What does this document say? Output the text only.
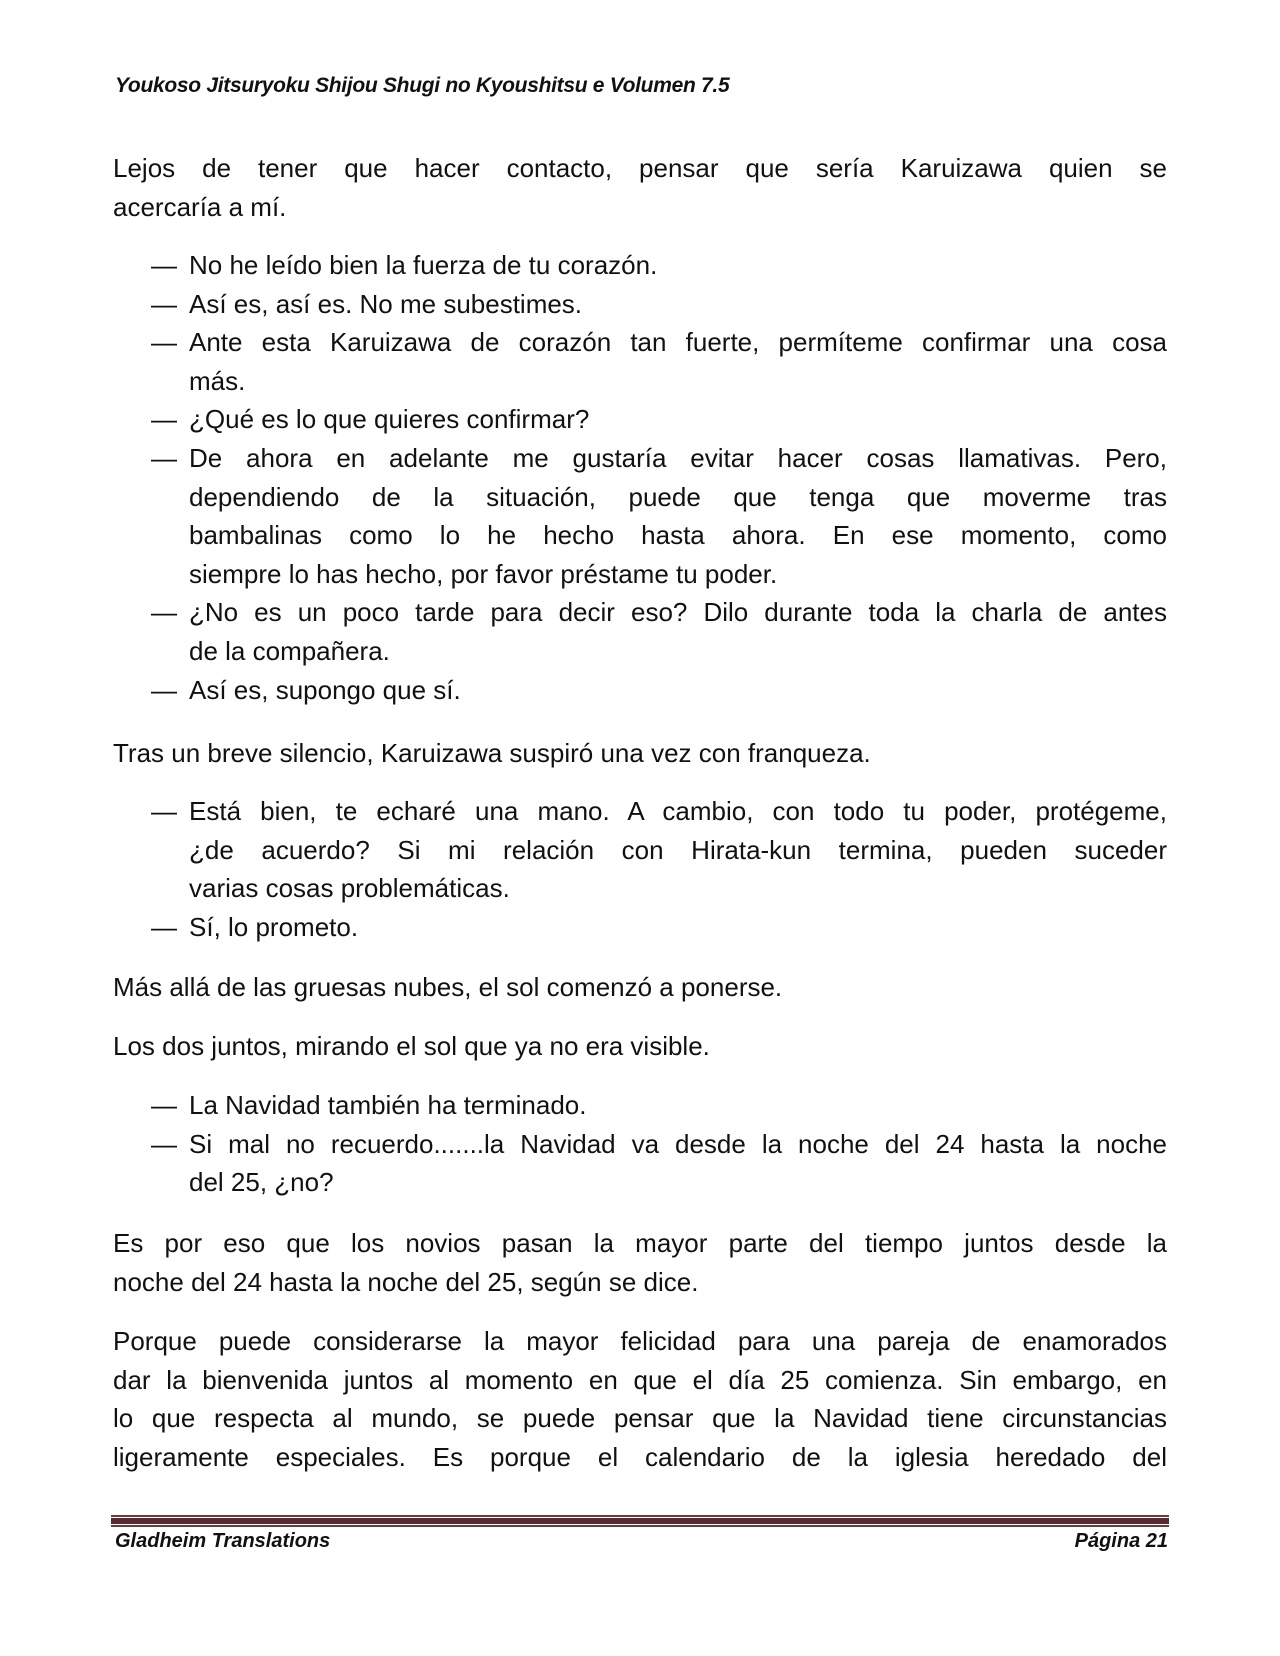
Youkoso Jitsuryoku Shijou Shugi no Kyoushitsu e Volumen 7.5
Lejos de tener que hacer contacto, pensar que sería Karuizawa quien se
acercaría a mí.
— No he leído bien la fuerza de tu corazón.
— Así es, así es. No me subestimes.
— Ante esta Karuizawa de corazón tan fuerte, permíteme confirmar una cosa
más.
— ¿Qué es lo que quieres confirmar?
— De ahora en adelante me gustaría evitar hacer cosas llamativas. Pero,
dependiendo de la situación, puede que tenga que moverme tras
bambalinas como lo he hecho hasta ahora. En ese momento, como
siempre lo has hecho, por favor préstame tu poder.
— ¿No es un poco tarde para decir eso? Dilo durante toda la charla de antes
de la compañera.
— Así es, supongo que sí.
Tras un breve silencio, Karuizawa suspiró una vez con franqueza.
— Está bien, te echaré una mano. A cambio, con todo tu poder, protégeme,
¿de acuerdo? Si mi relación con Hirata-kun termina, pueden suceder
varias cosas problemáticas.
— Sí, lo prometo.
Más allá de las gruesas nubes, el sol comenzó a ponerse.
Los dos juntos, mirando el sol que ya no era visible.
— La Navidad también ha terminado.
— Si mal no recuerdo.......la Navidad va desde la noche del 24 hasta la noche
del 25, ¿no?
Es por eso que los novios pasan la mayor parte del tiempo juntos desde la
noche del 24 hasta la noche del 25, según se dice.
Porque puede considerarse la mayor felicidad para una pareja de enamorados
dar la bienvenida juntos al momento en que el día 25 comienza. Sin embargo, en
lo que respecta al mundo, se puede pensar que la Navidad tiene circunstancias
ligeramente especiales. Es porque el calendario de la iglesia heredado del
Gladheim Translations	Página 21
